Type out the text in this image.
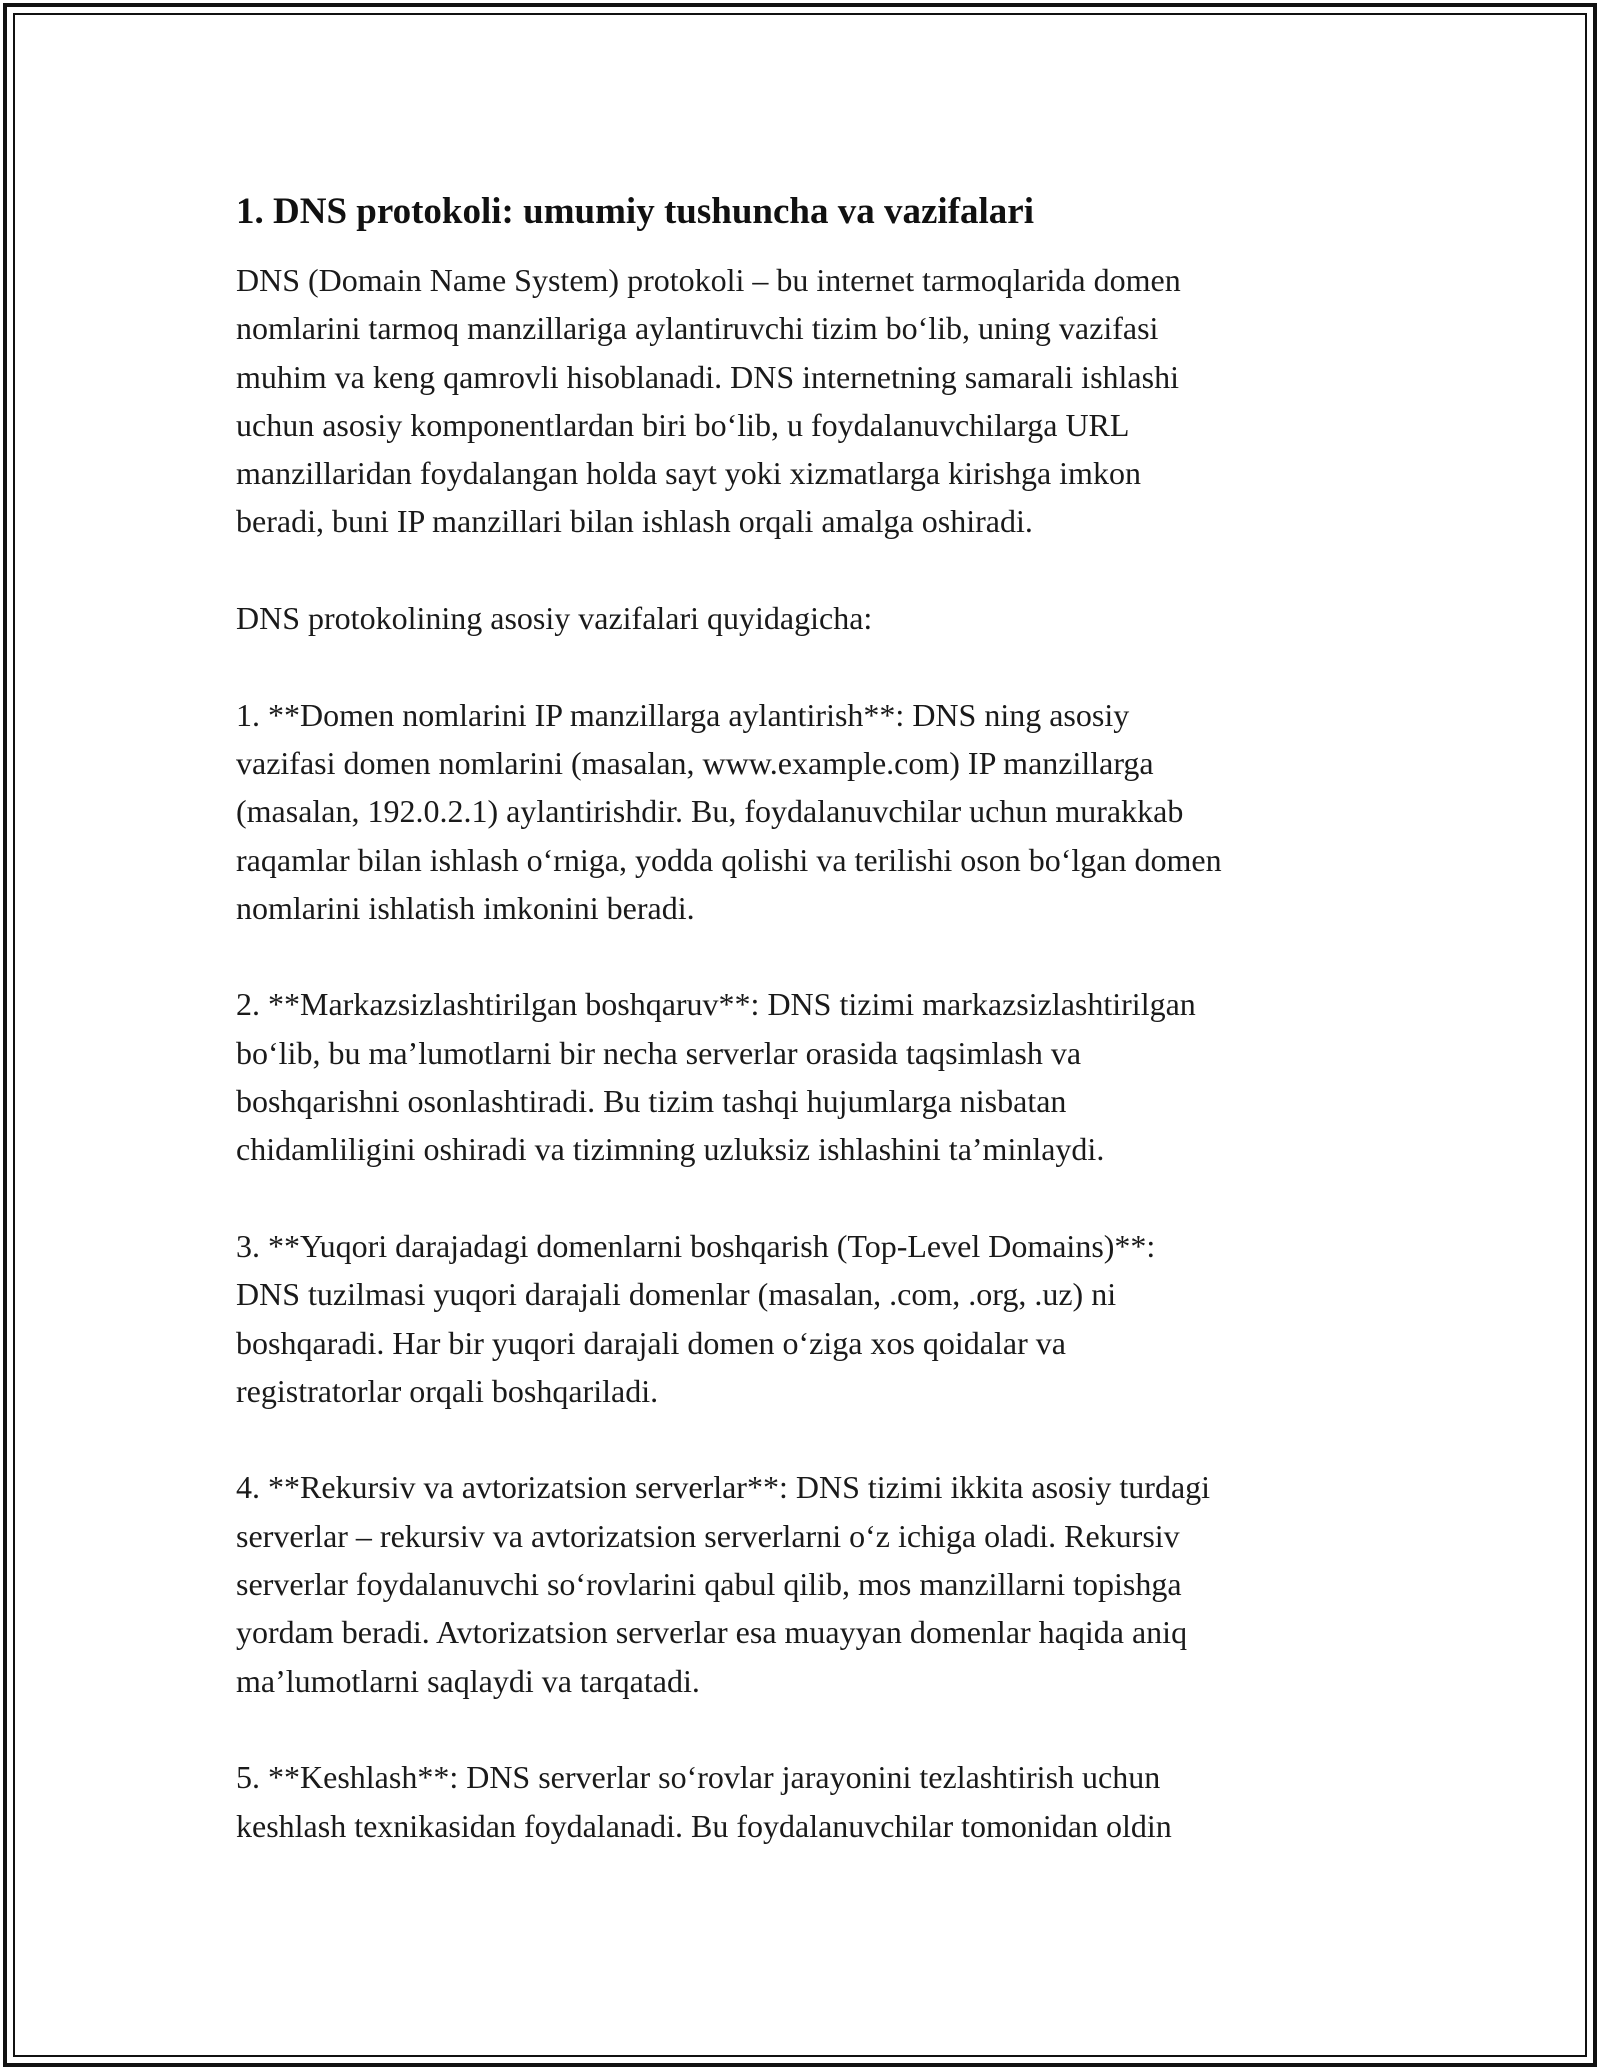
1. DNS protokoli: umumiy tushuncha va vazifalari

DNS (Domain Name System) protokoli – bu internet tarmoqlarida domen
nomlarini tarmoq manzillariga aylantiruvchi tizim bo‘lib, uning vazifasi
muhim va keng qamrovli hisoblanadi. DNS internetning samarali ishlashi
uchun asosiy komponentlardan biri bo‘lib, u foydalanuvchilarga URL
manzillaridan foydalangan holda sayt yoki xizmatlarga kirishga imkon
beradi, buni IP manzillari bilan ishlash orqali amalga oshiradi.

DNS protokolining asosiy vazifalari quyidagicha:

1. **Domen nomlarini IP manzillarga aylantirish**: DNS ning asosiy
vazifasi domen nomlarini (masalan, www.example.com) IP manzillarga
(masalan, 192.0.2.1) aylantirishdir. Bu, foydalanuvchilar uchun murakkab
raqamlar bilan ishlash o‘rniga, yodda qolishi va terilishi oson bo‘lgan domen
nomlarini ishlatish imkonini beradi.

2. **Markazsizlashtirilgan boshqaruv**: DNS tizimi markazsizlashtirilgan
bo‘lib, bu ma’lumotlarni bir necha serverlar orasida taqsimlash va
boshqarishni osonlashtiradi. Bu tizim tashqi hujumlarga nisbatan
chidamliligini oshiradi va tizimning uzluksiz ishlashini ta’minlaydi.

3. **Yuqori darajadagi domenlarni boshqarish (Top-Level Domains)**:
DNS tuzilmasi yuqori darajali domenlar (masalan, .com, .org, .uz) ni
boshqaradi. Har bir yuqori darajali domen o‘ziga xos qoidalar va
registratorlar orqali boshqariladi.

4. **Rekursiv va avtorizatsion serverlar**: DNS tizimi ikkita asosiy turdagi
serverlar – rekursiv va avtorizatsion serverlarni o‘z ichiga oladi. Rekursiv
serverlar foydalanuvchi so‘rovlarini qabul qilib, mos manzillarni topishga
yordam beradi. Avtorizatsion serverlar esa muayyan domenlar haqida aniq
ma’lumotlarni saqlaydi va tarqatadi.

5. **Keshlash**: DNS serverlar so‘rovlar jarayonini tezlashtirish uchun
keshlash texnikasidan foydalanadi. Bu foydalanuvchilar tomonidan oldin
